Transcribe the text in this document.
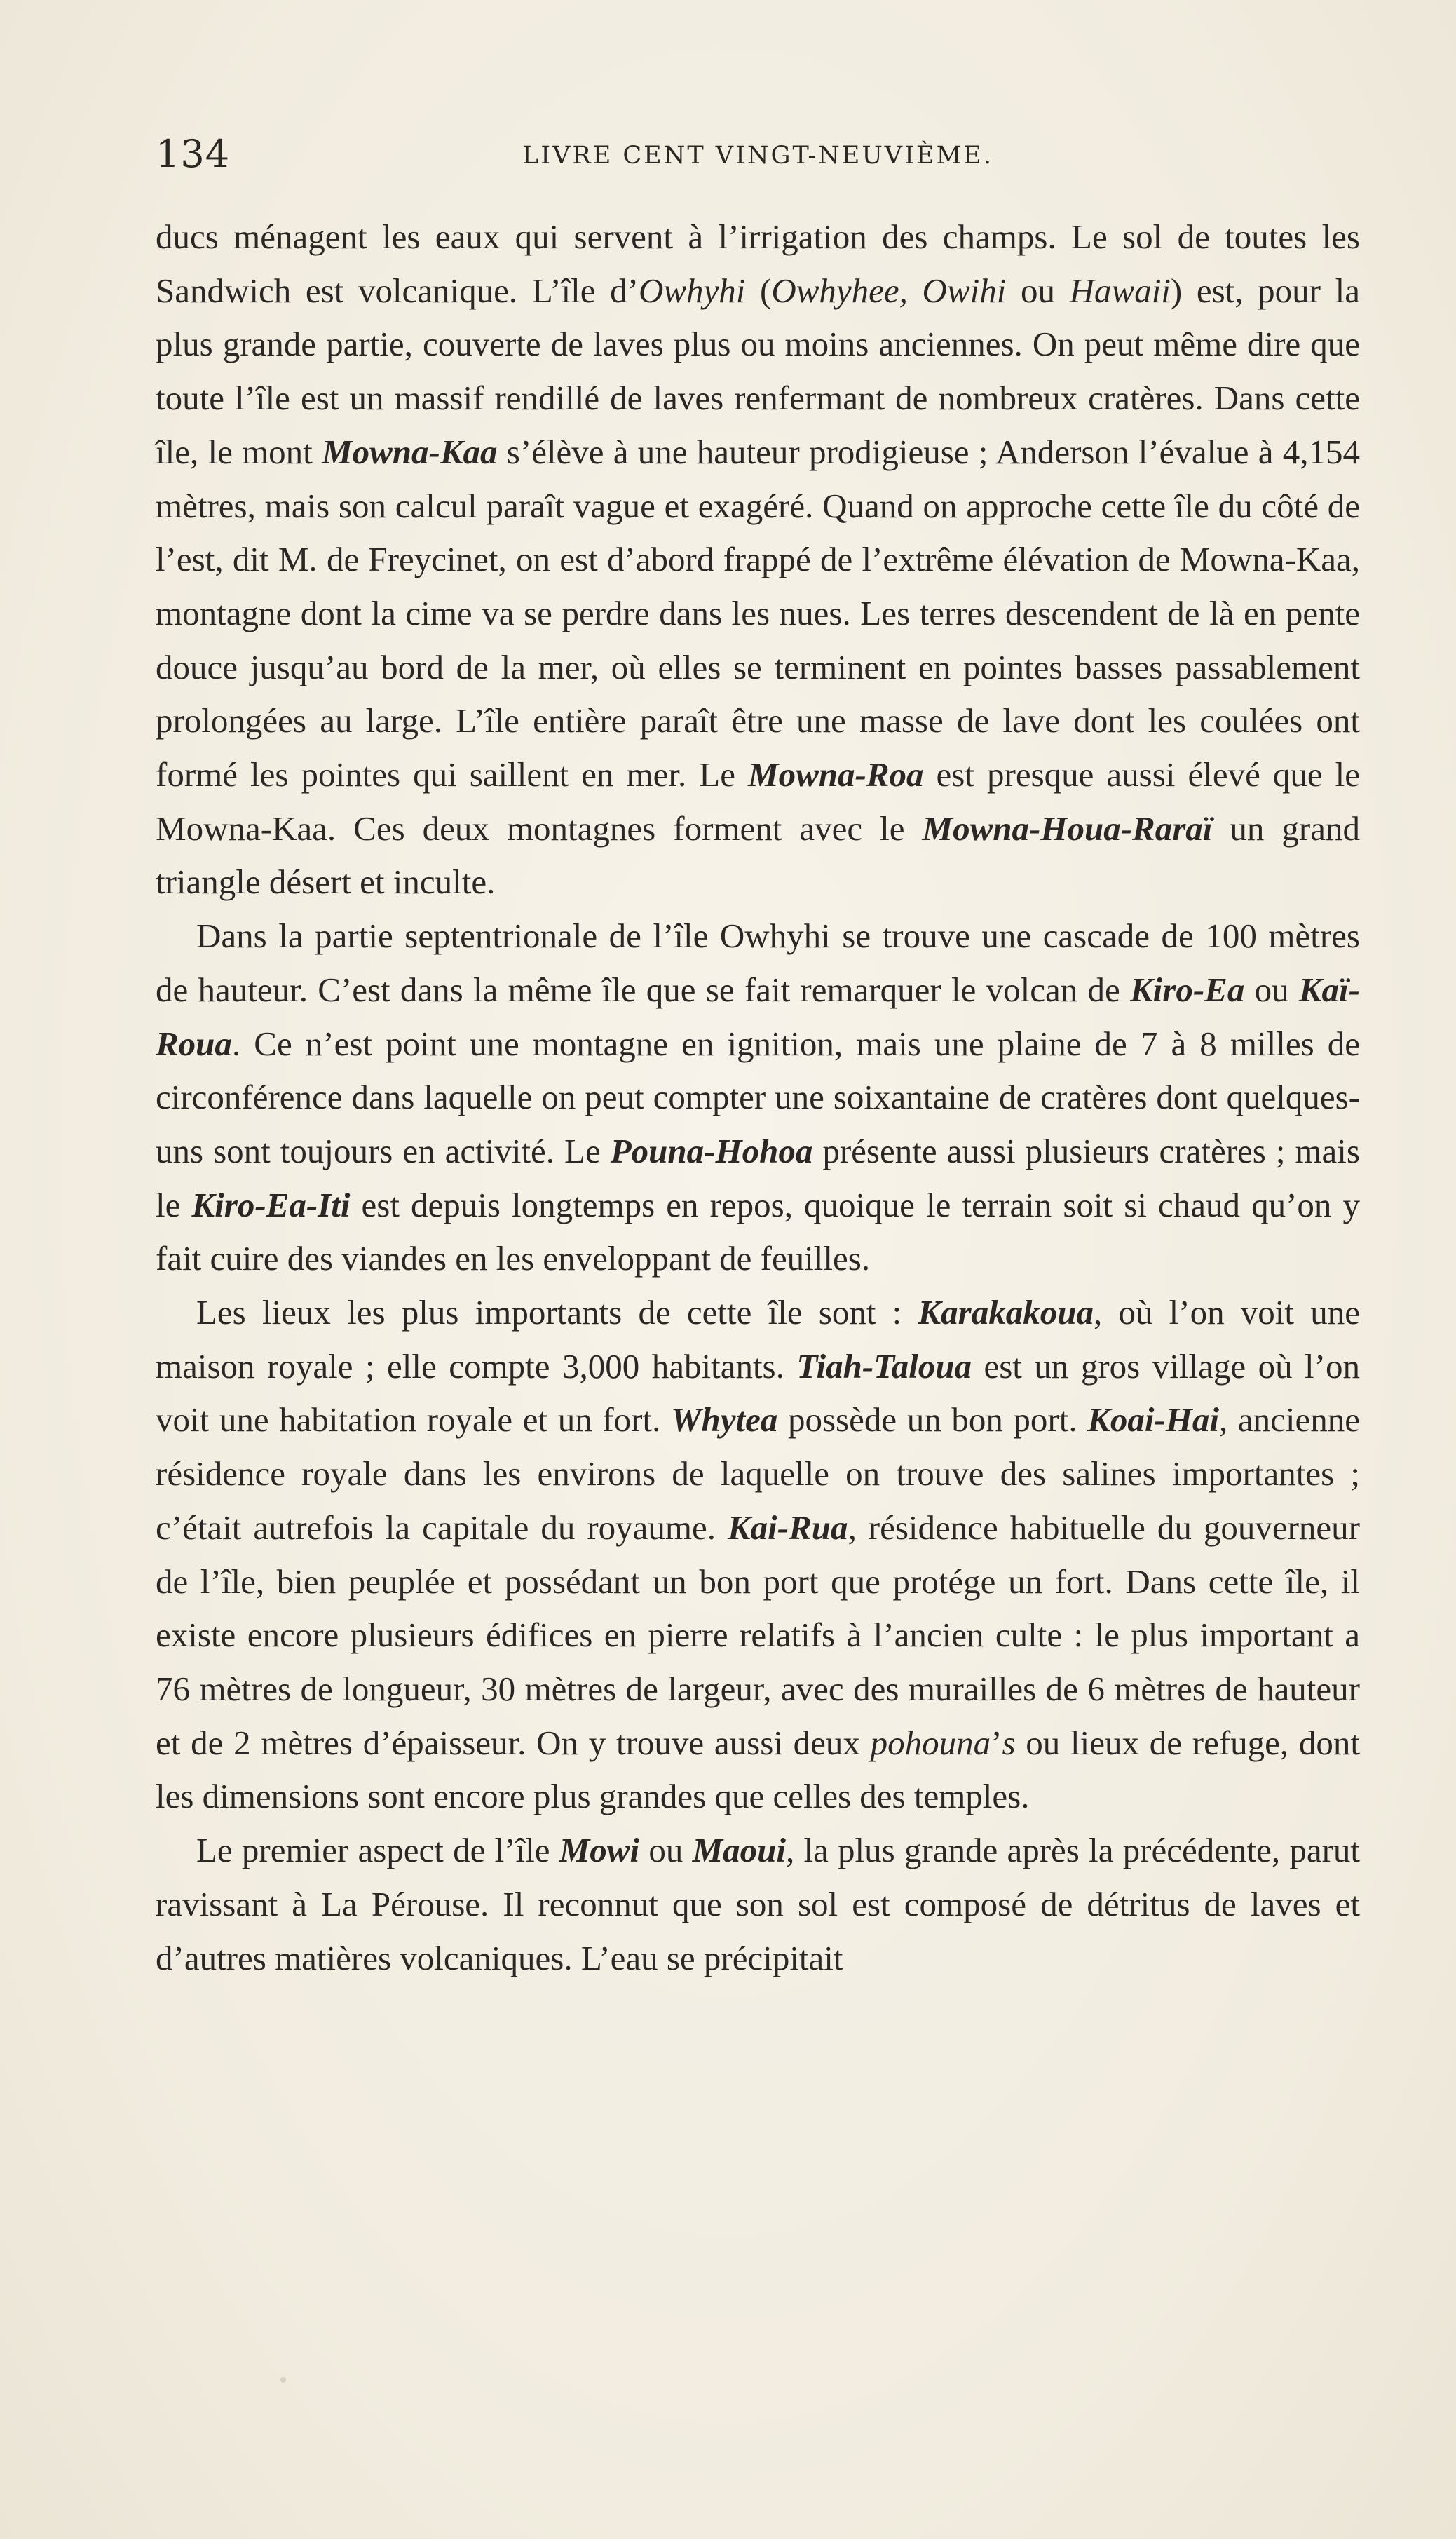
134	LIVRE CENT VINGT-NEUVIÈME.

ducs ménagent les eaux qui servent à l’irrigation des champs. Le sol de toutes les Sandwich est volcanique. L’île d’Owhyhi (Owhyhee, Owihi ou Hawaii) est, pour la plus grande partie, couverte de laves plus ou moins anciennes. On peut même dire que toute l’île est un massif rendillé de laves renfermant de nombreux cratères. Dans cette île, le mont Mowna-Kaa s’élève à une hauteur prodigieuse ; Anderson l’évalue à 4,154 mètres, mais son calcul paraît vague et exagéré. Quand on approche cette île du côté de l’est, dit M. de Freycinet, on est d’abord frappé de l’extrême élévation de Mowna-Kaa, montagne dont la cime va se perdre dans les nues. Les terres descendent de là en pente douce jusqu’au bord de la mer, où elles se terminent en pointes basses passablement prolongées au large. L’île entière paraît être une masse de lave dont les coulées ont formé les pointes qui saillent en mer. Le Mowna-Roa est presque aussi élevé que le Mowna-Kaa. Ces deux montagnes forment avec le Mowna-Houa-Raraï un grand triangle désert et inculte.

Dans la partie septentrionale de l’île Owhyhi se trouve une cascade de 100 mètres de hauteur. C’est dans la même île que se fait remarquer le volcan de Kiro-Ea ou Kaï-Roua. Ce n’est point une montagne en ignition, mais une plaine de 7 à 8 milles de circonférence dans laquelle on peut compter une soixantaine de cratères dont quelques-uns sont toujours en activité. Le Pouna-Hohoa présente aussi plusieurs cratères ; mais le Kiro-Ea-Iti est depuis longtemps en repos, quoique le terrain soit si chaud qu’on y fait cuire des viandes en les enveloppant de feuilles.

Les lieux les plus importants de cette île sont : Karakakoua, où l’on voit une maison royale ; elle compte 3,000 habitants. Tiah-Taloua est un gros village où l’on voit une habitation royale et un fort. Whytea possède un bon port. Koai-Hai, ancienne résidence royale dans les environs de laquelle on trouve des salines importantes ; c’était autrefois la capitale du royaume. Kai-Rua, résidence habituelle du gouverneur de l’île, bien peuplée et possédant un bon port que protége un fort. Dans cette île, il existe encore plusieurs édifices en pierre relatifs à l’ancien culte : le plus important a 76 mètres de longueur, 30 mètres de largeur, avec des murailles de 6 mètres de hauteur et de 2 mètres d’épaisseur. On y trouve aussi deux pohouna’s ou lieux de refuge, dont les dimensions sont encore plus grandes que celles des temples.

Le premier aspect de l’île Mowi ou Maoui, la plus grande après la précédente, parut ravissant à La Pérouse. Il reconnut que son sol est composé de détritus de laves et d’autres matières volcaniques. L’eau se précipitait
